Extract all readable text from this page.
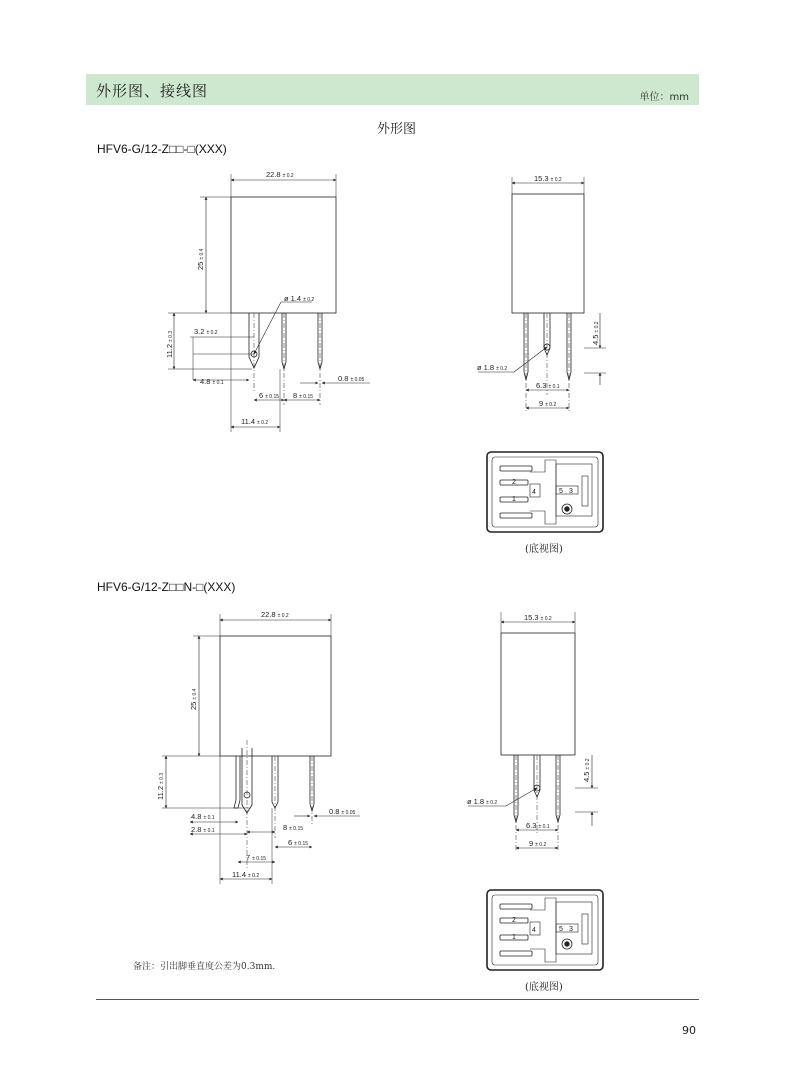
外形图、接线图	单位：mm
外形图
HFV6-G/12-Z□□-□(XXX)
HFV6-G/12-Z□□N-□(XXX)
22.8 ± 0.2
25± 0.4
11.2± 0.3
ø 1.4 ± 0.2
3.2 ± 0.2
4.8 ± 0.1
6 ± 0.15 8 ± 0.15
0.8 ± 0.05
11.4 ± 0.2
15.3 ± 0.2
4.5± 0.2
ø 1.8 ± 0.2
6.3 ± 0.1
9 ± 0.2
2
4
1
5 3
2
4
1
5 3
22.8 ± 0.2
25± 0.4
11.2± 0.3
4.8 ± 0.1
2.8 ± 0.1
0.8 ± 0.05
8 ± 0.15
6 ± 0.15
7 ± 0.15
11.4 ± 0.2
15.3 ± 0.2
4.5± 0.2
ø 1.8 ± 0.2
6.3 ± 0.1
9 ± 0.2
(底视图)
(底视图)
备注：引出脚垂直度公差为0.3mm.
90
